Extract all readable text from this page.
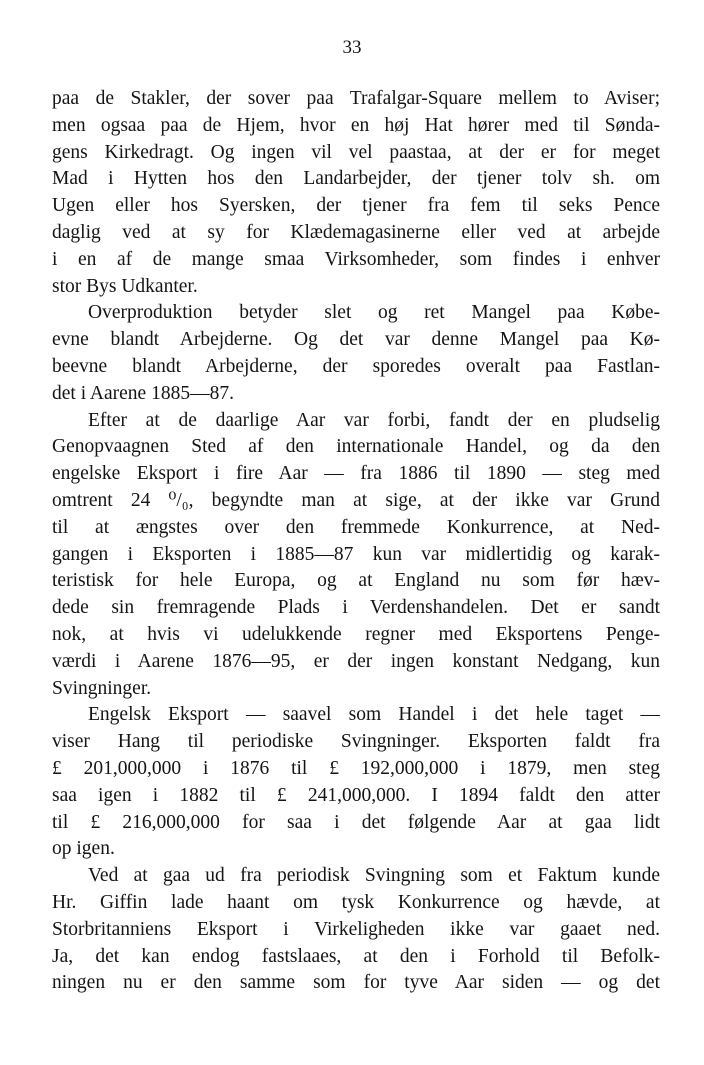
33
paa de Stakler, der sover paa Trafalgar-Square mellem to Aviser;
men ogsaa paa de Hjem, hvor en høj Hat hører med til Sønda-
gens Kirkedragt. Og ingen vil vel paastaa, at der er for meget
Mad i Hytten hos den Landarbejder, der tjener tolv sh. om
Ugen eller hos Syersken, der tjener fra fem til seks Pence
daglig ved at sy for Klædemagasinerne eller ved at arbejde
i en af de mange smaa Virksomheder, som findes i enhver
stor Bys Udkanter.
Overproduktion betyder slet og ret Mangel paa Købe-
evne blandt Arbejderne. Og det var denne Mangel paa Kø-
beevne blandt Arbejderne, der sporedes overalt paa Fastlan-
det i Aarene 1885—87.
Efter at de daarlige Aar var forbi, fandt der en pludselig
Genopvaagnen Sted af den internationale Handel, og da den
engelske Eksport i fire Aar — fra 1886 til 1890 — steg med
omtrent 24 ⁰/₀, begyndte man at sige, at der ikke var Grund
til at ængstes over den fremmede Konkurrence, at Ned-
gangen i Eksporten i 1885—87 kun var midlertidig og karak-
teristisk for hele Europa, og at England nu som før hæv-
dede sin fremragende Plads i Verdenshandelen. Det er sandt
nok, at hvis vi udelukkende regner med Eksportens Penge-
værdi i Aarene 1876—95, er der ingen konstant Nedgang, kun
Svingninger.
Engelsk Eksport — saavel som Handel i det hele taget —
viser Hang til periodiske Svingninger. Eksporten faldt fra
£ 201,000,000 i 1876 til £ 192,000,000 i 1879, men steg
saa igen i 1882 til £ 241,000,000. I 1894 faldt den atter
til £ 216,000,000 for saa i det følgende Aar at gaa lidt
op igen.
Ved at gaa ud fra periodisk Svingning som et Faktum kunde
Hr. Giffin lade haant om tysk Konkurrence og hævde, at
Storbritanniens Eksport i Virkeligheden ikke var gaaet ned.
Ja, det kan endog fastslaaes, at den i Forhold til Befolk-
ningen nu er den samme som for tyve Aar siden — og det
